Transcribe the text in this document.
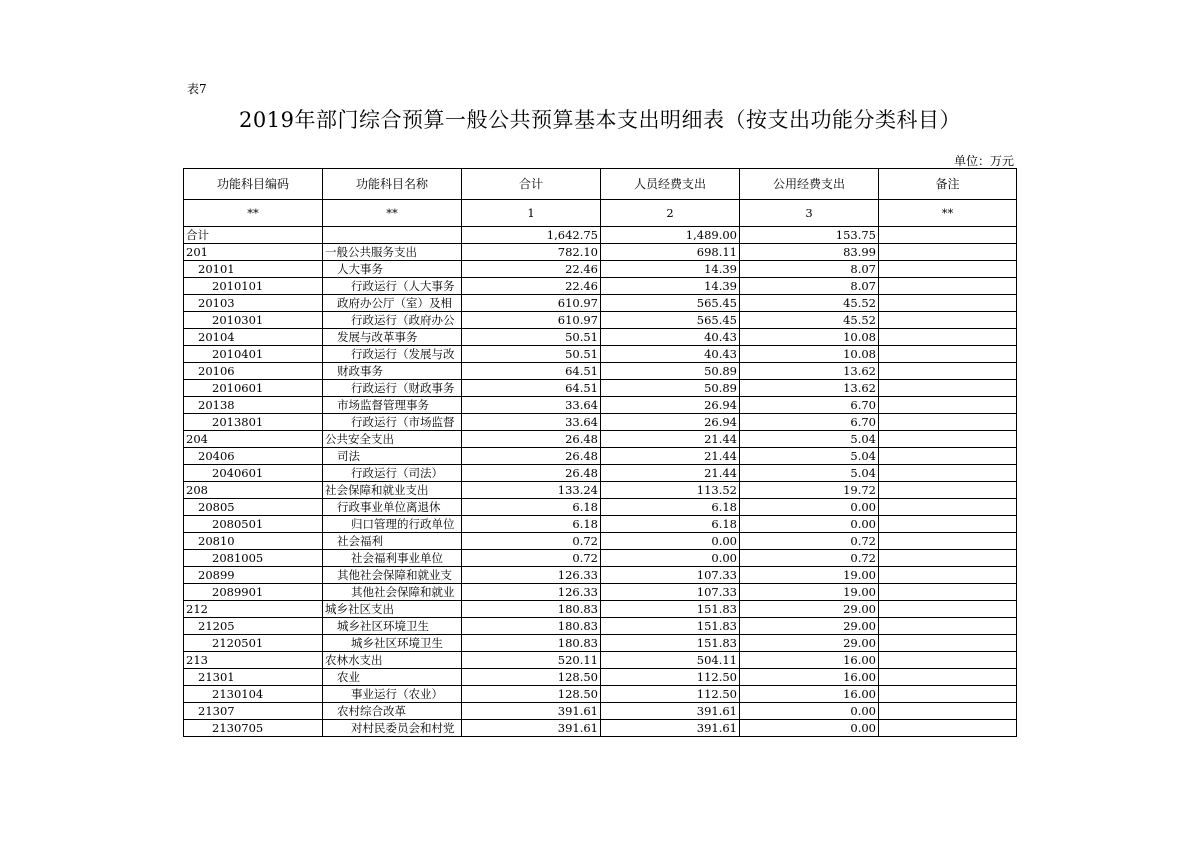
表7
2019年部门综合预算一般公共预算基本支出明细表（按支出功能分类科目）
单位：万元
功能科目编码	功能科目名称	合计	人员经费支出	公用经费支出	备注
**	**	1	2	3	**
合计		1,642.75	1,489.00	153.75	
201	一般公共服务支出	782.10	698.11	83.99	
20101	人大事务	22.46	14.39	8.07	
2010101	行政运行（人大事务	22.46	14.39	8.07	
20103	政府办公厅（室）及相	610.97	565.45	45.52	
2010301	行政运行（政府办公	610.97	565.45	45.52	
20104	发展与改革事务	50.51	40.43	10.08	
2010401	行政运行（发展与改	50.51	40.43	10.08	
20106	财政事务	64.51	50.89	13.62	
2010601	行政运行（财政事务	64.51	50.89	13.62	
20138	市场监督管理事务	33.64	26.94	6.70	
2013801	行政运行（市场监督	33.64	26.94	6.70	
204	公共安全支出	26.48	21.44	5.04	
20406	司法	26.48	21.44	5.04	
2040601	行政运行（司法）	26.48	21.44	5.04	
208	社会保障和就业支出	133.24	113.52	19.72	
20805	行政事业单位离退休	6.18	6.18	0.00	
2080501	归口管理的行政单位	6.18	6.18	0.00	
20810	社会福利	0.72	0.00	0.72	
2081005	社会福利事业单位	0.72	0.00	0.72	
20899	其他社会保障和就业支	126.33	107.33	19.00	
2089901	其他社会保障和就业	126.33	107.33	19.00	
212	城乡社区支出	180.83	151.83	29.00	
21205	城乡社区环境卫生	180.83	151.83	29.00	
2120501	城乡社区环境卫生	180.83	151.83	29.00	
213	农林水支出	520.11	504.11	16.00	
21301	农业	128.50	112.50	16.00	
2130104	事业运行（农业）	128.50	112.50	16.00	
21307	农村综合改革	391.61	391.61	0.00	
2130705	对村民委员会和村党	391.61	391.61	0.00	
